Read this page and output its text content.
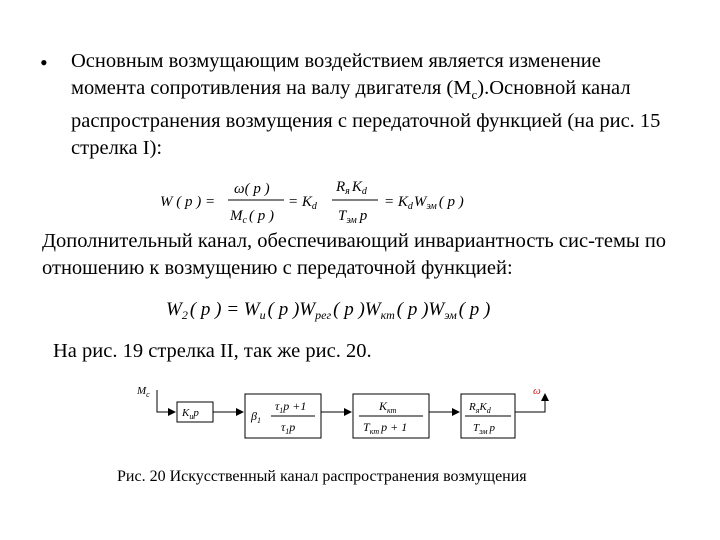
• Основным возмущающим воздействием является изменение момента сопротивления на валу двигателя $(М_с).Основной$ канал распространения возмущения с передаточной функцией (на рис. 15 стрелка I):
W ( p ) =
ω( p )
$M_c$ ( p )
= $K_d$
$R_я$ $K_d$
$T_{эм}$ p
= $K_dW_{эм}$ ( p )
Дополнительный канал, обеспечивающий инвариантность сис-темы по отношению к возмущению с передаточной функцией:
$W_2$ ( p ) = $W_и$ ( p )$W_{рег}$ ( p )$W_{кт}$ ( p )$W_{эм}$ ( p )
На рис. 19 стрелка II, так же рис. 20.
$M_c$
$K_иp$	$\beta_1$
$\tau_1p +1$
$\tau_1p$
$K_{кт}$
$T_{кт}$ p + 1
$R_яK_d$
$T_{эм}$ p
ω
Рис. 20 Искусственный канал распространения возмущения
